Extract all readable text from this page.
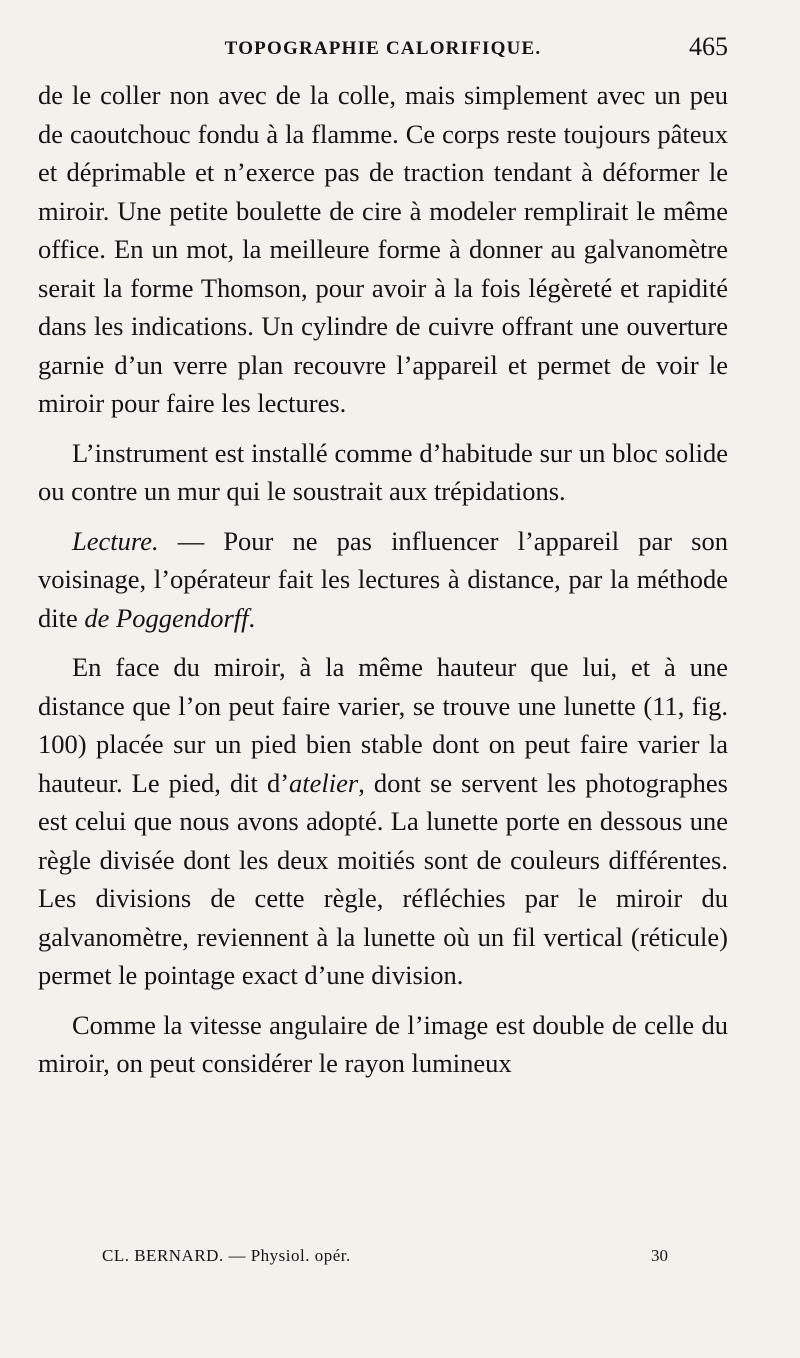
TOPOGRAPHIE CALORIFIQUE.	465

de le coller non avec de la colle, mais simplement avec un peu de caoutchouc fondu à la flamme. Ce corps reste toujours pâteux et déprimable et n’exerce pas de traction tendant à déformer le miroir. Une petite boulette de cire à modeler remplirait le même office. En un mot, la meilleure forme à donner au galvanomètre serait la forme Thomson, pour avoir à la fois légèreté et rapidité dans les indications. Un cylindre de cuivre offrant une ouverture garnie d’un verre plan recouvre l’appareil et permet de voir le miroir pour faire les lectures.

L’instrument est installé comme d’habitude sur un bloc solide ou contre un mur qui le soustrait aux trépidations.

Lecture. — Pour ne pas influencer l’appareil par son voisinage, l’opérateur fait les lectures à distance, par la méthode dite de Poggendorff.

En face du miroir, à la même hauteur que lui, et à une distance que l’on peut faire varier, se trouve une lunette (11, fig. 100) placée sur un pied bien stable dont on peut faire varier la hauteur. Le pied, dit d’atelier, dont se servent les photographes est celui que nous avons adopté. La lunette porte en dessous une règle divisée dont les deux moitiés sont de couleurs différentes. Les divisions de cette règle, réfléchies par le miroir du galvanomètre, reviennent à la lunette où un fil vertical (réticule) permet le pointage exact d’une division.

Comme la vitesse angulaire de l’image est double de celle du miroir, on peut considérer le rayon lumineux

CL. BERNARD. — Physiol. opér.	30
